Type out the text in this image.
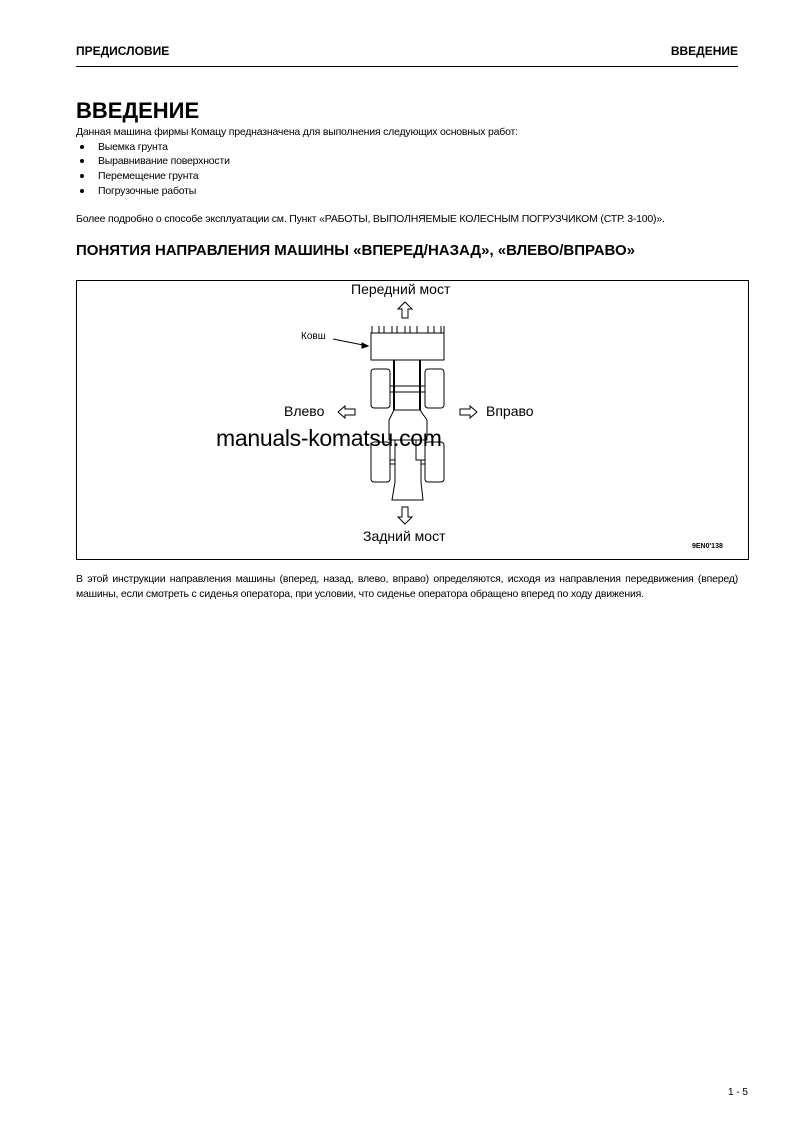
ПРЕДИСЛОВИЕ	ВВЕДЕНИЕ
ВВЕДЕНИЕ
Данная машина фирмы Комацу предназначена для выполнения следующих основных работ:
Выемка грунта
Выравнивание поверхности
Перемещение грунта
Погрузочные работы
Более подробно о способе эксплуатации см. Пункт «РАБОТЫ, ВЫПОЛНЯЕМЫЕ КОЛЕСНЫМ ПОГРУЗЧИКОМ (СТР. 3-100)».
ПОНЯТИЯ НАПРАВЛЕНИЯ МАШИНЫ «ВПЕРЕД/НАЗАД», «ВЛЕВО/ВПРАВО»
Передний мост
Задний мост
Влево	Вправо
Ковш
9EN0'138
manuals-komatsu.com
В этой инструкции направления машины (вперед, назад, влево, вправо) определяются, исходя из направления передвижения (вперед) машины, если смотреть с сиденья оператора, при условии, что сиденье оператора обращено вперед по ходу движения.
1 - 5
